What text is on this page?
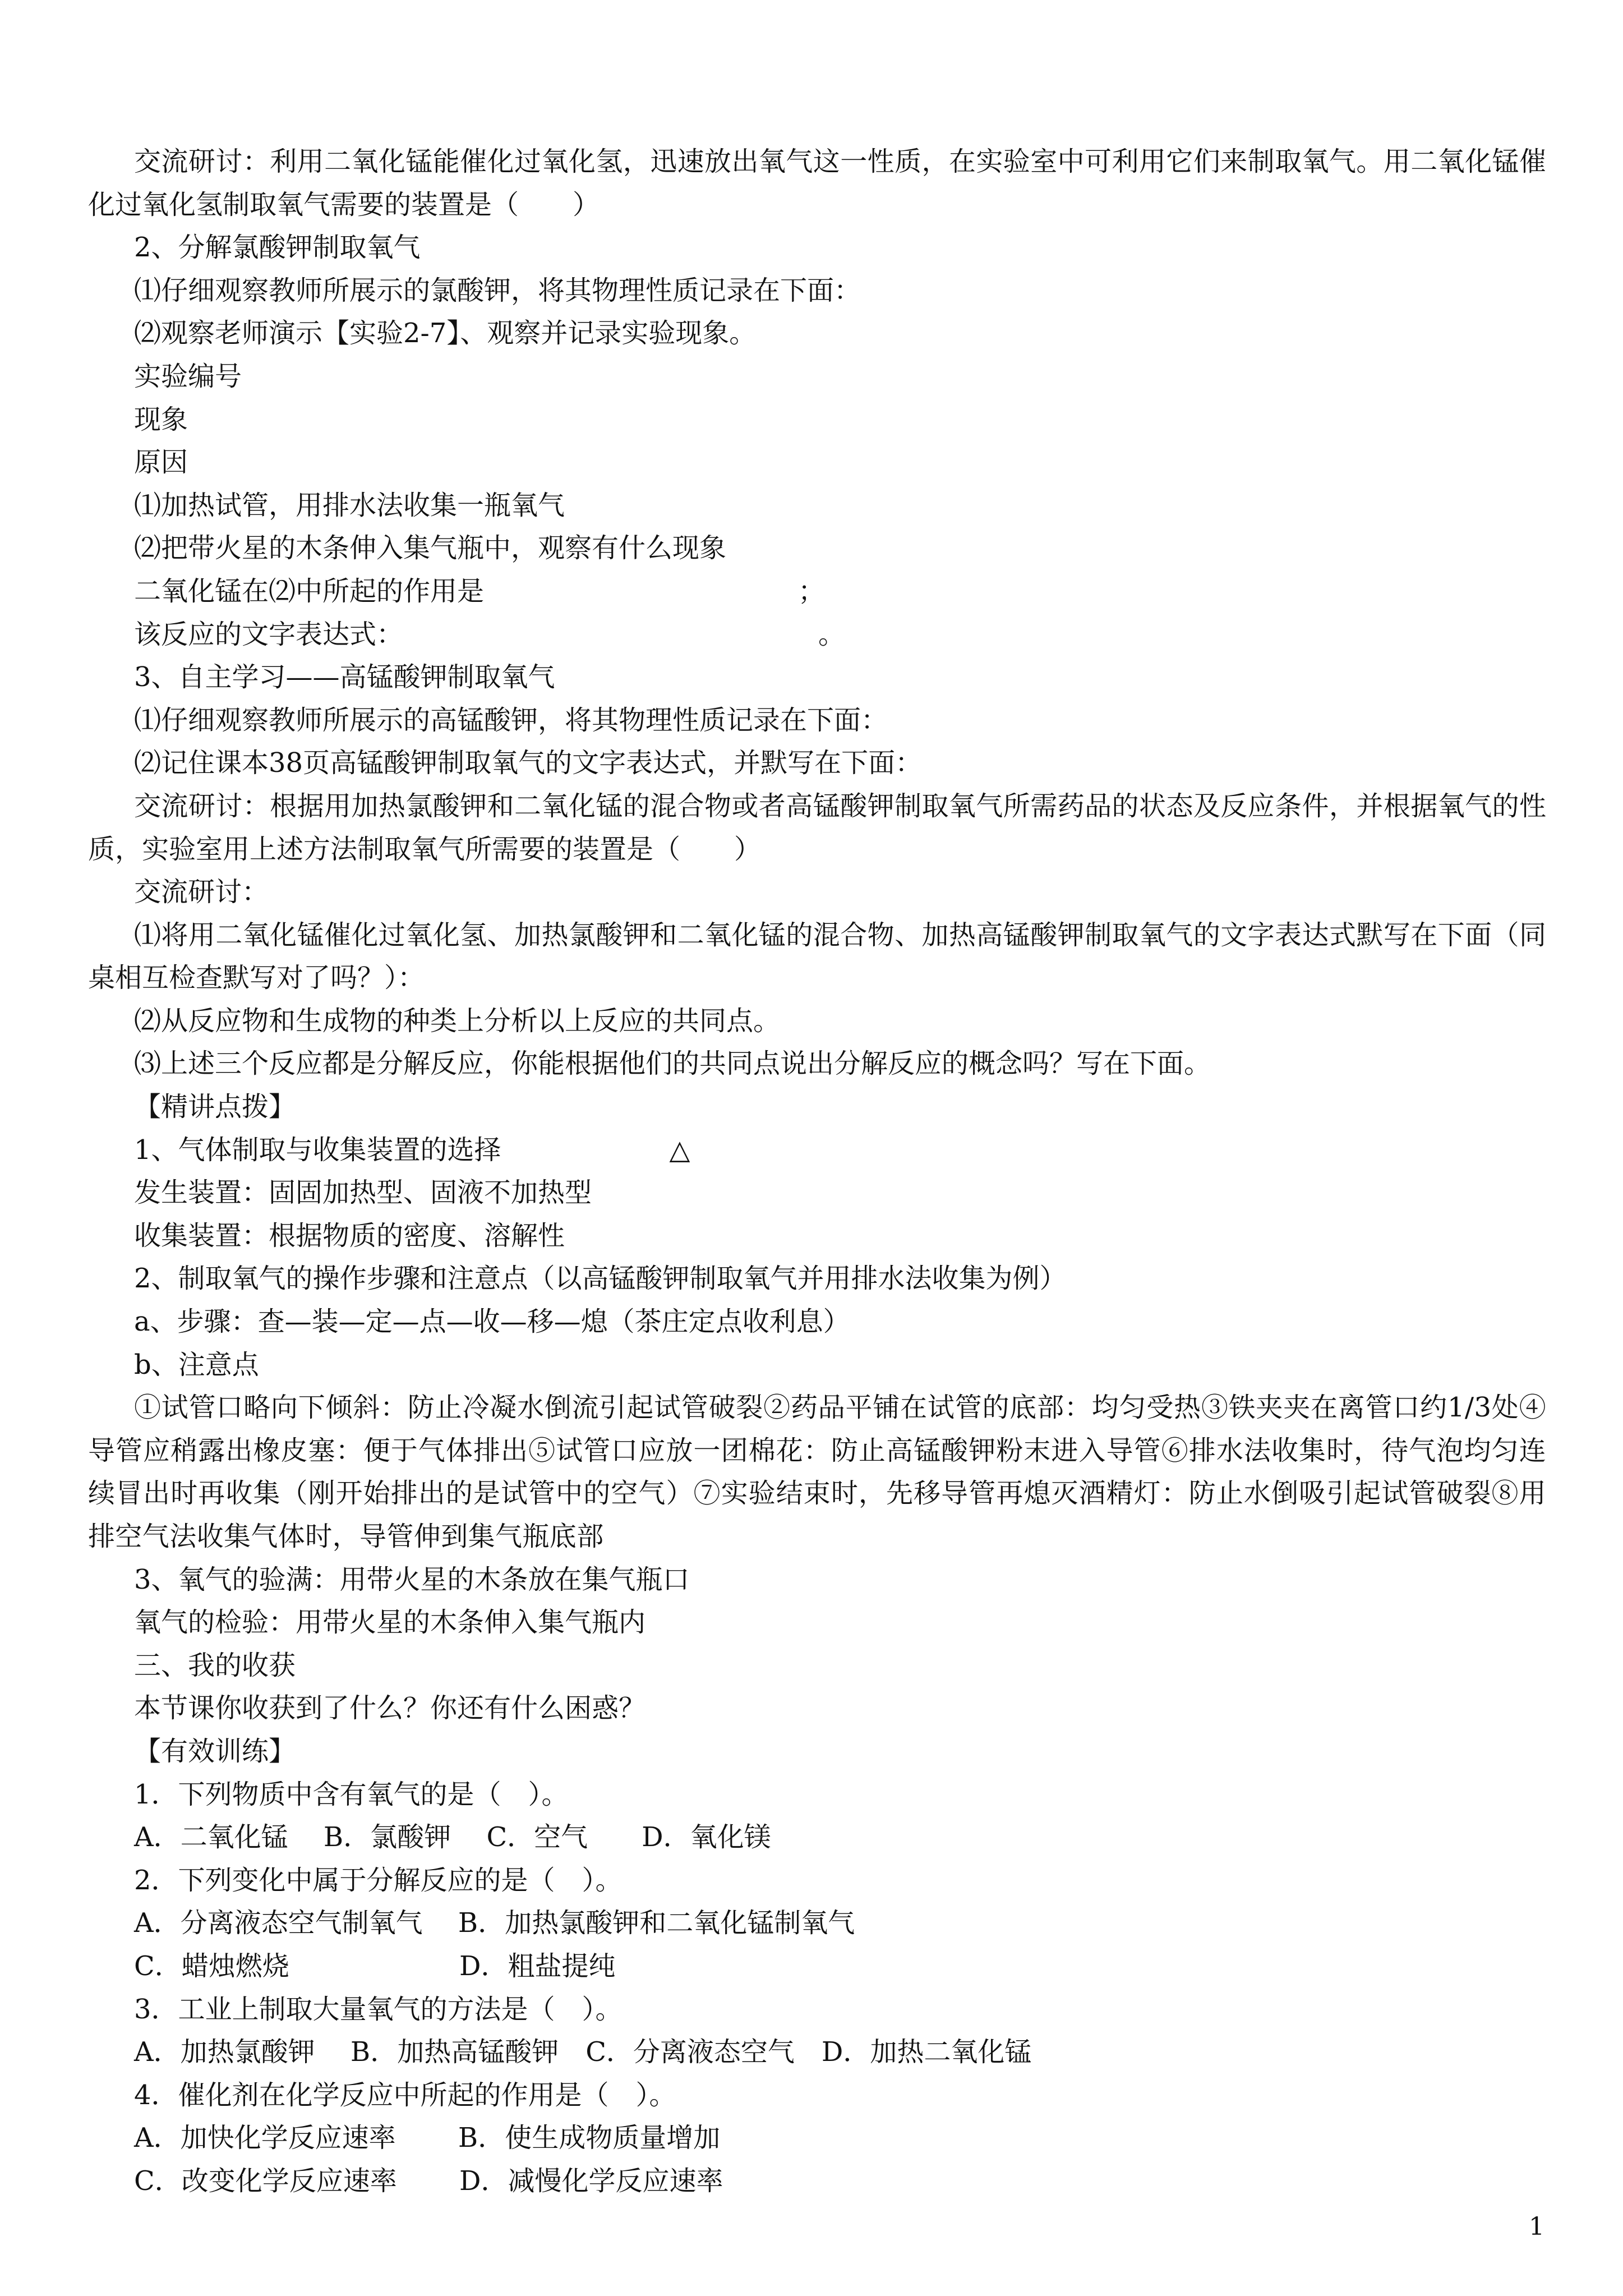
交流研讨：利用二氧化锰能催化过氧化氢，迅速放出氧气这一性质，在实验室中可利用它们来制取氧气。用二氧化锰催化过氧化氢制取氧气需要的装置是（　　）

2、分解氯酸钾制取氧气

⑴仔细观察教师所展示的氯酸钾，将其物理性质记录在下面：

⑵观察老师演示【实验2-7】、观察并记录实验现象。

实验编号

现象

原因

⑴加热试管，用排水法收集一瓶氧气

⑵把带火星的木条伸入集气瓶中，观察有什么现象

二氧化锰在⑵中所起的作用是	；

该反应的文字表达式：	。

3、自主学习——高锰酸钾制取氧气

⑴仔细观察教师所展示的高锰酸钾，将其物理性质记录在下面：

⑵记住课本38页高锰酸钾制取氧气的文字表达式，并默写在下面：

交流研讨：根据用加热氯酸钾和二氧化锰的混合物或者高锰酸钾制取氧气所需药品的状态及反应条件，并根据氧气的性质，实验室用上述方法制取氧气所需要的装置是（　　）

交流研讨：

⑴将用二氧化锰催化过氧化氢、加热氯酸钾和二氧化锰的混合物、加热高锰酸钾制取氧气的文字表达式默写在下面（同桌相互检查默写对了吗？）：

⑵从反应物和生成物的种类上分析以上反应的共同点。

⑶上述三个反应都是分解反应，你能根据他们的共同点说出分解反应的概念吗？写在下面。

【精讲点拨】

1、气体制取与收集装置的选择	△

发生装置：固固加热型、固液不加热型

收集装置：根据物质的密度、溶解性

2、制取氧气的操作步骤和注意点（以高锰酸钾制取氧气并用排水法收集为例）

a、步骤：查—装—定—点—收—移—熄（茶庄定点收利息）

b、注意点

①试管口略向下倾斜：防止冷凝水倒流引起试管破裂②药品平铺在试管的底部：均匀受热③铁夹夹在离管口约1/3处④导管应稍露出橡皮塞：便于气体排出⑤试管口应放一团棉花：防止高锰酸钾粉末进入导管⑥排水法收集时，待气泡均匀连续冒出时再收集（刚开始排出的是试管中的空气）⑦实验结束时，先移导管再熄灭酒精灯：防止水倒吸引起试管破裂⑧用排空气法收集气体时，导管伸到集气瓶底部

3、氧气的验满：用带火星的木条放在集气瓶口

氧气的检验：用带火星的木条伸入集气瓶内

三、我的收获

本节课你收获到了什么？你还有什么困惑？

【有效训练】

1．下列物质中含有氧气的是（　）。

A．二氧化锰　 B．氯酸钾　 C．空气　　D．氧化镁

2．下列变化中属于分解反应的是（　）。

A．分离液态空气制氧气　 B．加热氯酸钾和二氧化锰制氧气

C．蜡烛燃烧　　　　　　 D．粗盐提纯

3．工业上制取大量氧气的方法是（　）。

A．加热氯酸钾　 B．加热高锰酸钾　C．分离液态空气　D．加热二氧化锰

4．催化剂在化学反应中所起的作用是（　）。

A．加快化学反应速率　　 B．使生成物质量增加

C．改变化学反应速率　　 D．减慢化学反应速率

1
